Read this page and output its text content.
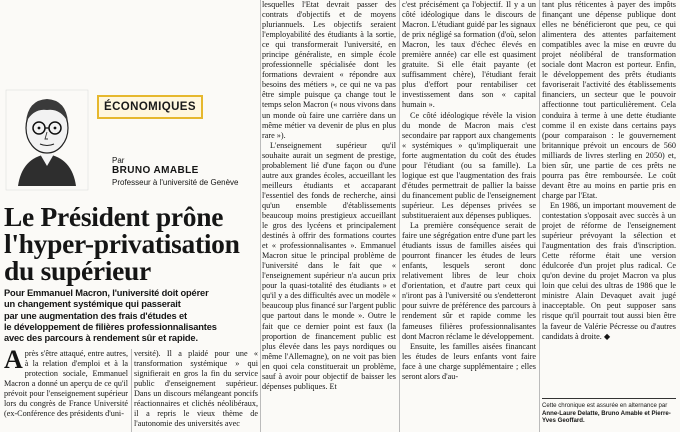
ÉCONOMIQUES
Par
BRUNO AMABLE
Professeur à l'université de Genève
Le Président prône
l'hyper-privatisation
du supérieur
Pour Emmanuel Macron, l'université doit opérer
un changement systémique qui passerait
par une augmentation des frais d'études et
le développement de filières professionnalisantes
avec des parcours à rendement sûr et rapide.

Après s'être attaqué, entre autres, à la relation d'emploi et à la protection sociale, Emmanuel Macron a donné un aperçu de ce qu'il prévoit pour l'enseignement supérieur lors du congrès de France Université (ex-Conférence des présidents d'uni-

versité). Il a plaidé pour une « transformation systémique » qui signifierait en gros la fin du service public d'enseignement supérieur. Dans un discours mélangeant poncifs réactionnaires et clichés néolibéraux, il a repris le vieux thème de l'autonomie des universités avec

lesquelles l'Etat devrait passer des contrats d'objectifs et de moyens pluriannuels. Les objectifs seraient l'employabilité des étudiants à la sortie, ce qui transformerait l'université, en principe généraliste, en simple école professionnelle spécialisée dont les formations devraient « répondre aux besoins des métiers », ce qui ne va pas être simple puisque ça change tout le temps selon Macron (« nous vivons dans un monde où faire une carrière dans un même métier va devenir de plus en plus rare »).

L'enseignement supérieur qu'il souhaite aurait un segment de prestige, probablement lié d'une façon ou d'une autre aux grandes écoles, accueillant les meilleurs étudiants et accaparant l'essentiel des fonds de recherche, ainsi qu'un ensemble d'établissements beaucoup moins prestigieux accueillant le gros des lycéens et principalement destinés à offrir des formations courtes et « professionnalisantes ». Emmanuel Macron situe le principal problème de l'université dans le fait que « l'enseignement supérieur n'a aucun prix pour la quasi-totalité des étudiants » et qu'il y a des difficultés avec un modèle « beaucoup plus financé sur l'argent public que partout dans le monde ». Outre le fait que ce dernier point est faux (la proportion de financement public est plus élevée dans les pays nordiques ou même l'Allemagne), on ne voit pas bien en quoi cela constituerait un problème, sauf à avoir pour objectif de baisser les dépenses publiques. Et

c'est précisément ça l'objectif. Il y a un côté idéologique dans le discours de Macron. L'étudiant guidé par les signaux de prix négligé sa formation (d'où, selon Macron, les taux d'échec élevés en première année) car elle est quasiment gratuite. Si elle était payante (et suffisamment chère), l'étudiant ferait plus d'effort pour rentabiliser cet investissement dans son « capital humain ».

Ce côté idéologique révèle la vision du monde de Macron mais c'est secondaire par rapport aux changements « systémiques » qu'impliquerait une forte augmentation du coût des études pour l'étudiant (ou sa famille). La logique est que l'augmentation des frais d'études permettrait de pallier la baisse du financement public de l'enseignement supérieur. Les dépenses privées se substitueraient aux dépenses publiques.

La première conséquence serait de faire une ségrégation entre d'une part les étudiants issus de familles aisées qui pourront financer les études de leurs enfants, lesquels seront donc relativement libres de leur choix d'orientation, et d'autre part ceux qui n'iront pas à l'université ou s'endetteront pour suivre de préférence des parcours à rendement sûr et rapide comme les fameuses filières professionnalisantes dont Macron réclame le développement.

Ensuite, les familles aisées financant les études de leurs enfants vont faire face à une charge supplémentaire ; elles seront alors d'au-

tant plus réticentes à payer des impôts finançant une dépense publique dont elles ne bénéficieront que peu, ce qui alimentera des attentes parfaitement compatibles avec la mise en œuvre du projet néolibéral de transformation sociale dont Macron est porteur. Enfin, le développement des prêts étudiants favoriserait l'activité des établissements financiers, un secteur que le pouvoir affectionne tout particulièrement. Cela conduira à terme à une dette étudiante comme il en existe dans certains pays (pour comparaison : le gouvernement britannique prévoit un encours de 560 milliards de livres sterling en 2050) et, bien sûr, une partie de ces prêts ne pourra pas être remboursée. Le coût devant être au moins en partie pris en charge par l'Etat.

En 1986, un important mouvement de contestation s'opposait avec succès à un projet de réforme de l'enseignement supérieur prévoyant la sélection et l'augmentation des frais d'inscription. Cette réforme était une version édulcorée d'un projet plus radical. Ce qu'on devine du projet Macron va plus loin que celui des ultras de 1986 que le ministre Alain Devaquet avait jugé inacceptable. On peut supposer sans risque qu'il pourrait tout aussi bien être la faveur de Valérie Pécresse ou d'autres candidats à droite. ◆

Cette chronique est assurée en alternance par Anne-Laure Delatte, Bruno Amable et Pierre-Yves Geoffard.
